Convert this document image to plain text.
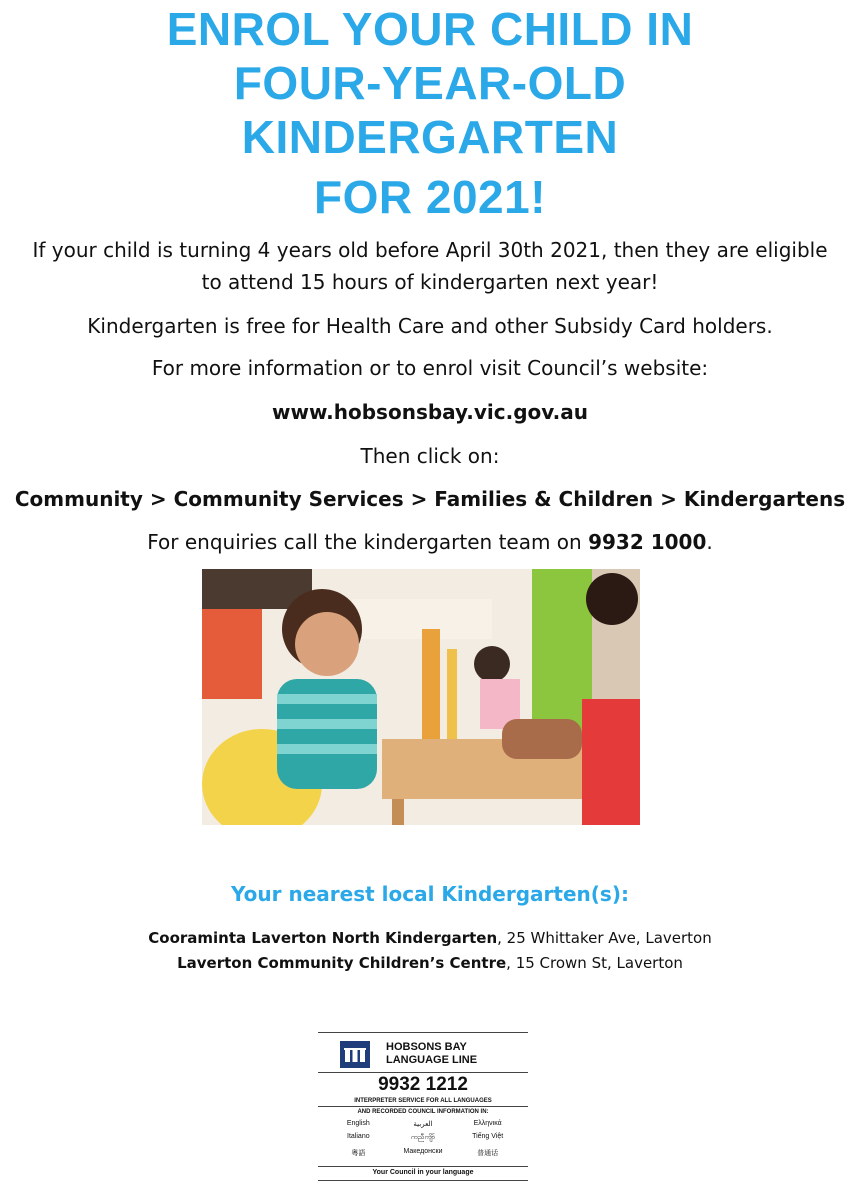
ENROL YOUR CHILD IN
FOUR-YEAR-OLD
KINDERGARTEN
FOR 2021!
If your child is turning 4 years old before April 30th 2021, then they are eligible
to attend 15 hours of kindergarten next year!
Kindergarten is free for Health Care and other Subsidy Card holders.
For more information or to enrol visit Council’s website:
www.hobsonsbay.vic.gov.au
Then click on:
Community > Community Services > Families & Children > Kindergartens
For enquiries call the kindergarten team on 9932 1000.
Your nearest local Kindergarten(s):
Cooraminta Laverton North Kindergarten, 25 Whittaker Ave, Laverton
Laverton Community Children’s Centre, 15 Crown St, Laverton
HOBSONS BAY
LANGUAGE LINE
9932 1212
INTERPRETER SERVICE FOR ALL LANGUAGES
AND RECORDED COUNCIL INFORMATION IN:
English	العربية	Ελληνικά
Italiano	ကညီကျိာ်	Tiếng Việt
粵語	Македонски	普通话
Your Council in your language
